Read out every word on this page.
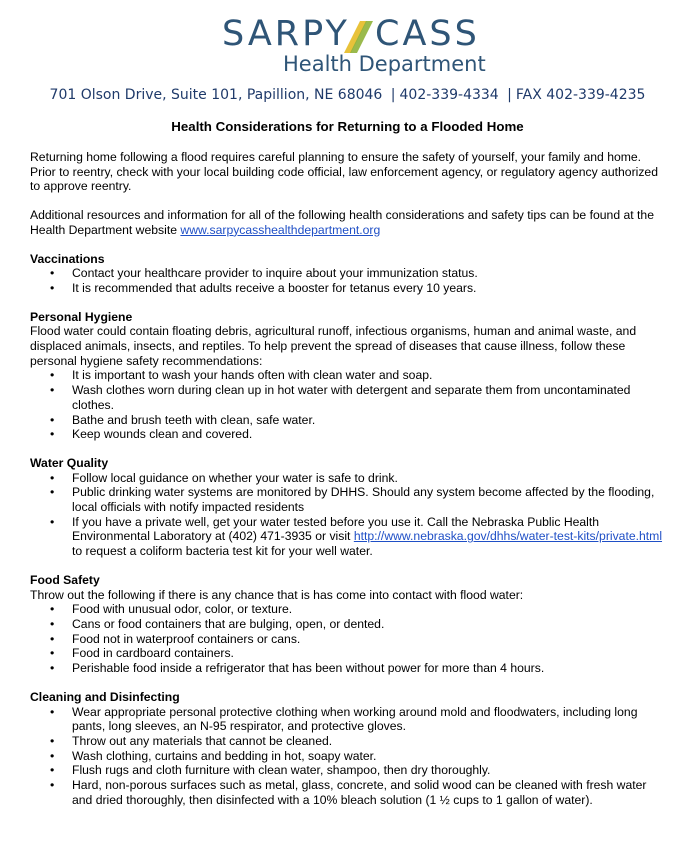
SARPY CASS
Health Department
701 Olson Drive, Suite 101, Papillion, NE 68046 | 402-339-4334 | FAX 402-339-4235
Health Considerations for Returning to a Flooded Home

Returning home following a flood requires careful planning to ensure the safety of yourself, your family and home. Prior to reentry, check with your local building code official, law enforcement agency, or regulatory agency authorized to approve reentry.

Additional resources and information for all of the following health considerations and safety tips can be found at the Health Department website www.sarpycasshealthdepartment.org

Vaccinations
• Contact your healthcare provider to inquire about your immunization status.
• It is recommended that adults receive a booster for tetanus every 10 years.
Personal Hygiene

Flood water could contain floating debris, agricultural runoff, infectious organisms, human and animal waste, and displaced animals, insects, and reptiles. To help prevent the spread of diseases that cause illness, follow these personal hygiene safety recommendations:

• It is important to wash your hands often with clean water and soap.
• Wash clothes worn during clean up in hot water with detergent and separate them from uncontaminated clothes.
• Bathe and brush teeth with clean, safe water.
• Keep wounds clean and covered.
Water Quality
• Follow local guidance on whether your water is safe to drink.
• Public drinking water systems are monitored by DHHS. Should any system become affected by the flooding, local officials with notify impacted residents
• If you have a private well, get your water tested before you use it. Call the Nebraska Public Health Environmental Laboratory at (402) 471-3935 or visit http://www.nebraska.gov/dhhs/water-test-kits/private.html to request a coliform bacteria test kit for your well water.
Food Safety

Throw out the following if there is any chance that is has come into contact with flood water:

• Food with unusual odor, color, or texture.
• Cans or food containers that are bulging, open, or dented.
• Food not in waterproof containers or cans.
• Food in cardboard containers.
• Perishable food inside a refrigerator that has been without power for more than 4 hours.
Cleaning and Disinfecting
• Wear appropriate personal protective clothing when working around mold and floodwaters, including long pants, long sleeves, an N-95 respirator, and protective gloves.
• Throw out any materials that cannot be cleaned.
• Wash clothing, curtains and bedding in hot, soapy water.
• Flush rugs and cloth furniture with clean water, shampoo, then dry thoroughly.
• Hard, non-porous surfaces such as metal, glass, concrete, and solid wood can be cleaned with fresh water and dried thoroughly, then disinfected with a 10% bleach solution (1 ½ cups to 1 gallon of water).
